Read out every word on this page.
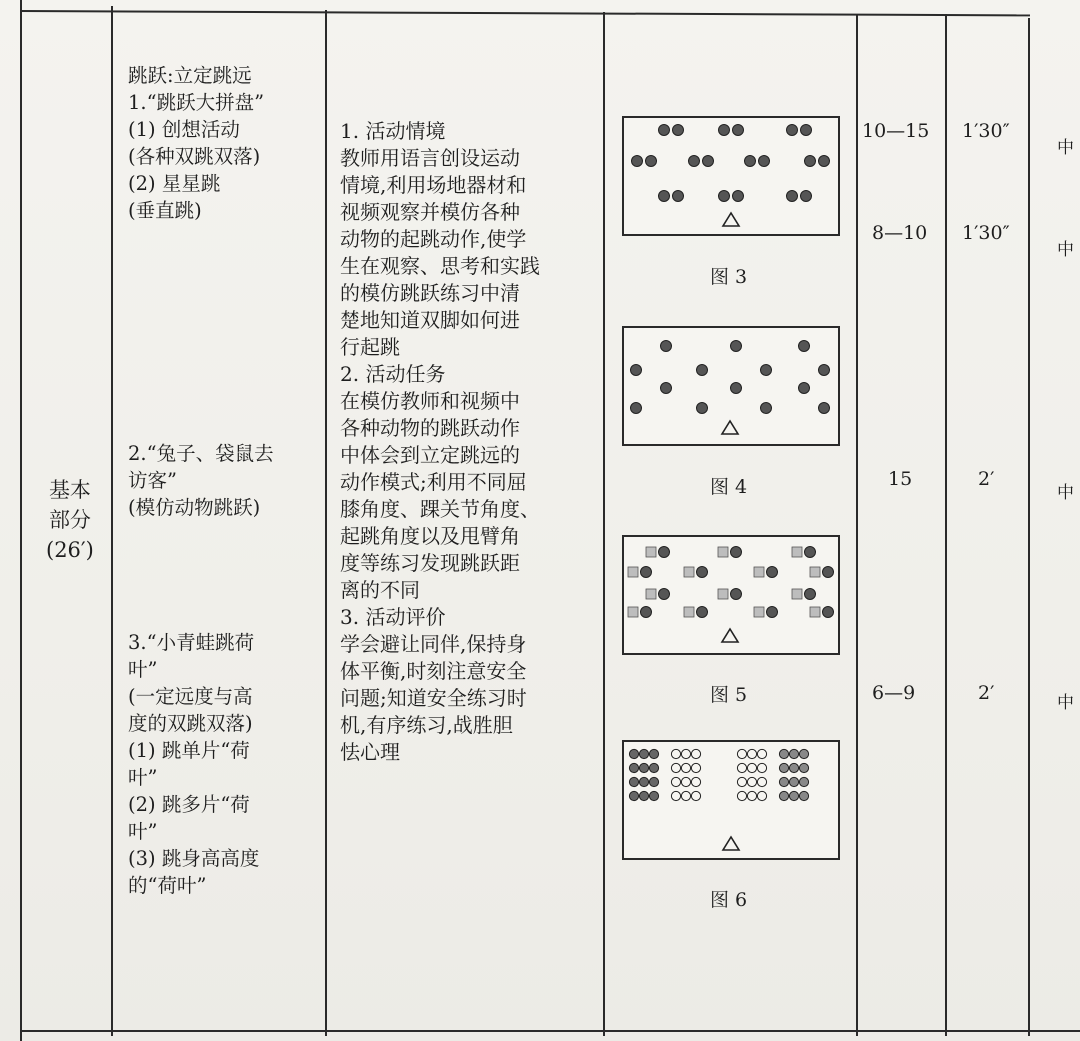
基本
部分
(26′)
跳跃:立定跳远
1.“跳跃大拼盘”
(1) 创想活动
(各种双跳双落)
(2) 星星跳
(垂直跳)

2.“兔子、袋鼠去
访客”
(模仿动物跳跃)

3.“小青蛙跳荷
叶”
(一定远度与高
度的双跳双落)
(1) 跳单片“荷
叶”
(2) 跳多片“荷
叶”
(3) 跳身高高度
的“荷叶”
1. 活动情境
教师用语言创设运动
情境,利用场地器材和
视频观察并模仿各种
动物的起跳动作,使学
生在观察、思考和实践
的模仿跳跃练习中清
楚地知道双脚如何进
行起跳
2. 活动任务
在模仿教师和视频中
各种动物的跳跃动作
中体会到立定跳远的
动作模式;利用不同屈
膝角度、踝关节角度、
起跳角度以及甩臂角
度等练习发现跳跃距
离的不同
3. 活动评价
学会避让同伴,保持身
体平衡,时刻注意安全
问题;知道安全练习时
机,有序练习,战胜胆
怯心理
图 3
图 4
图 5
图 6
10—15
8—10
15
6—9
1′30″
1′30″
2′
2′
中
中
中
中
